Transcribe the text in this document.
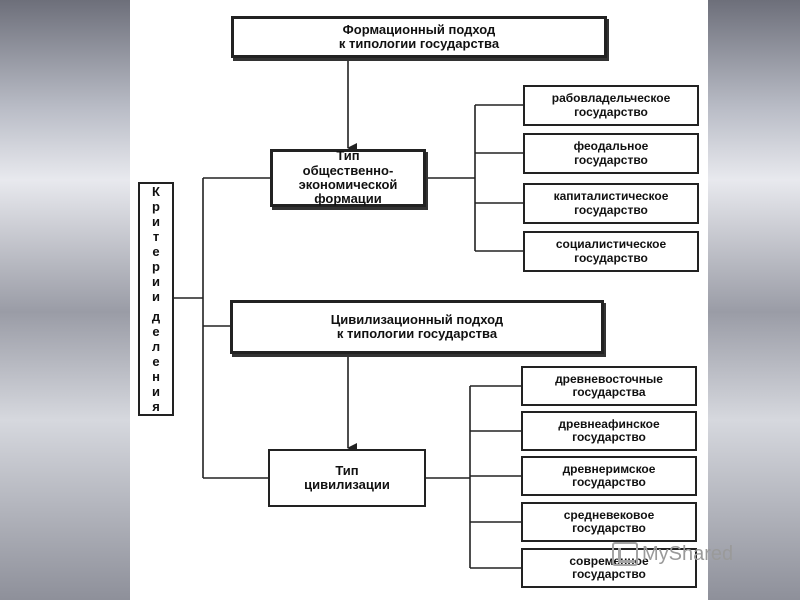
Формационный подход
к типологии государства
Тип
общественно-
экономической
формации
рабовладельческое
государство
феодальное
государство
капиталистическое
государство
социалистическое
государство
К
р
и
т
е
р
и
и
д
е
л
е
н
и
я
Цивилизационный подход
к типологии государства
Тип
цивилизации
древневосточные
государства
древнеафинское
государство
древнеримское
государство
средневековое
государство
современное
государство
MyShared
